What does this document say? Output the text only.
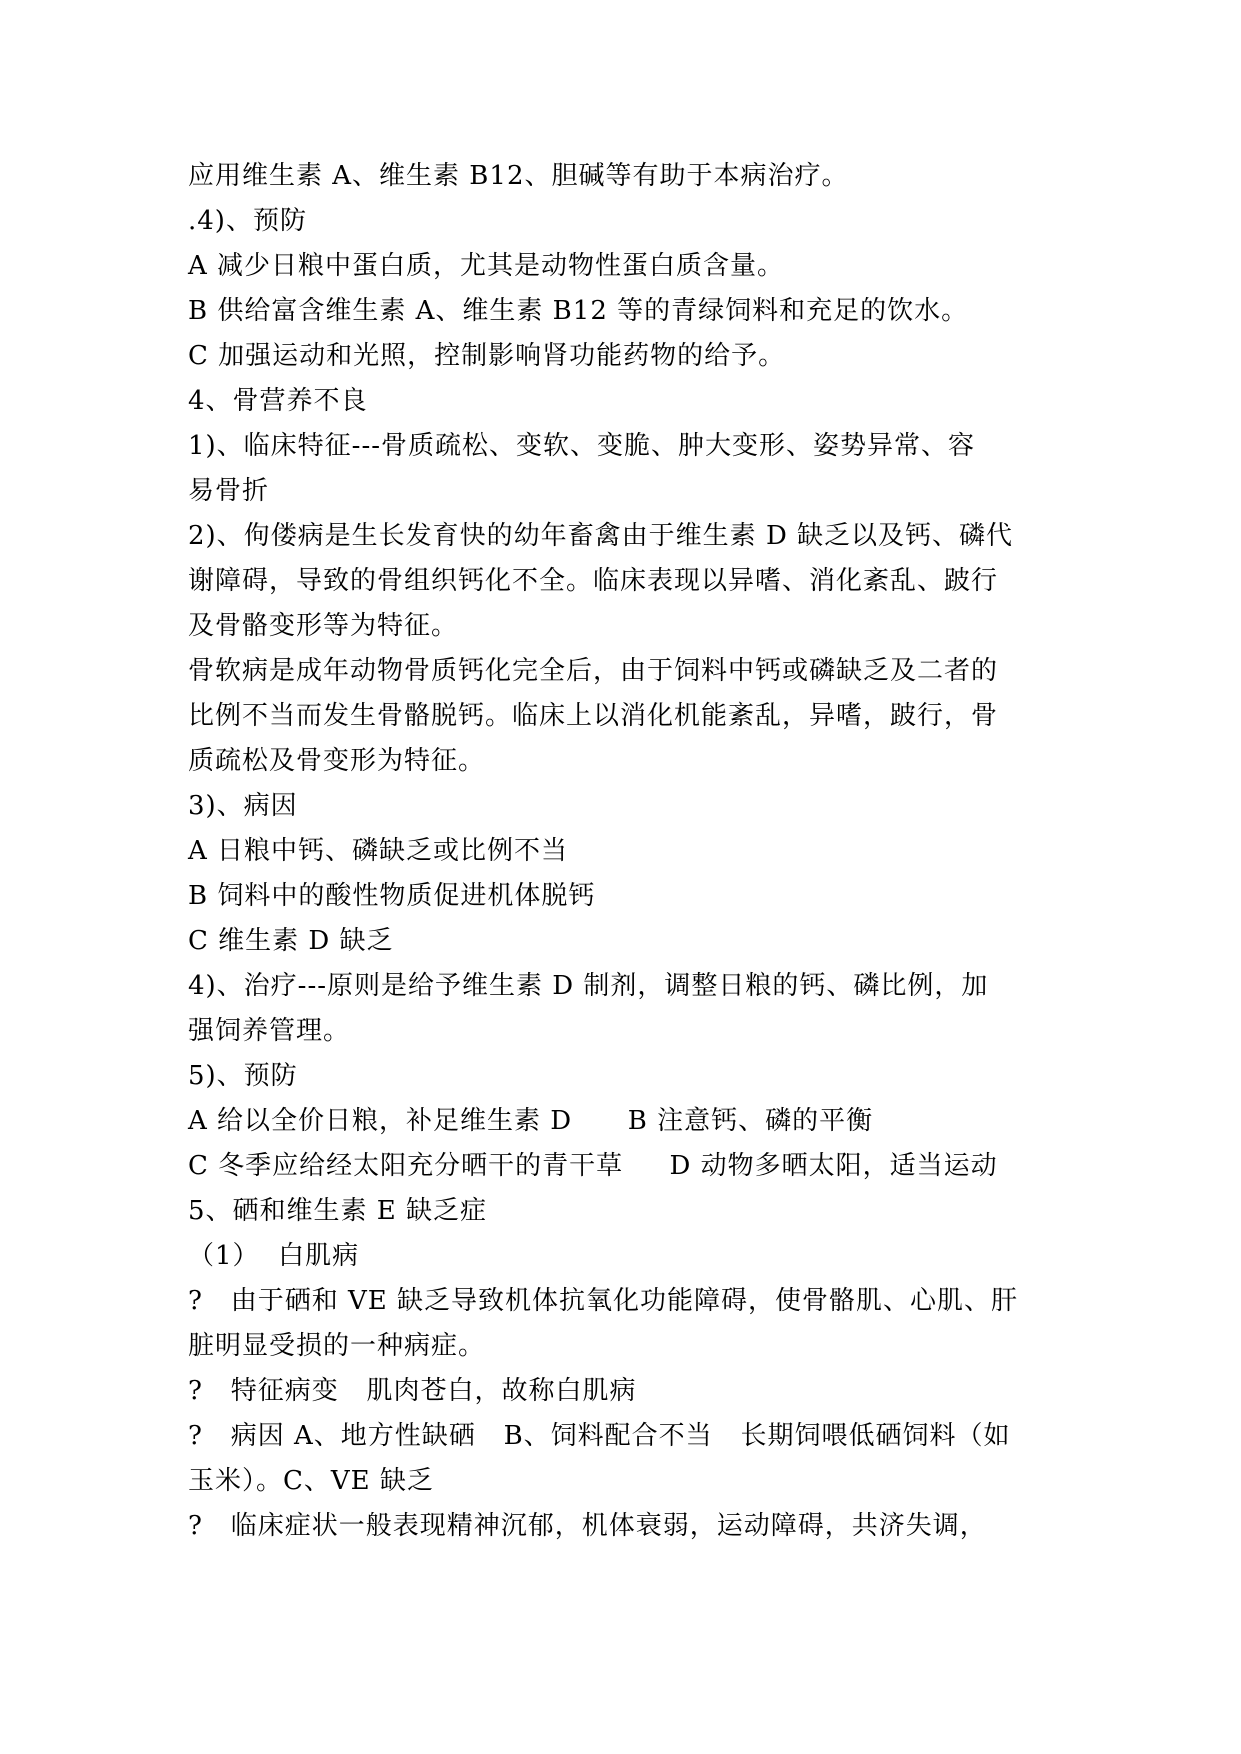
应用维生素 A、维生素 B12、胆碱等有助于本病治疗。
.4)、预防
A 减少日粮中蛋白质，尤其是动物性蛋白质含量。
B 供给富含维生素 A、维生素 B12 等的青绿饲料和充足的饮水。
C 加强运动和光照，控制影响肾功能药物的给予。
4、骨营养不良
1)、临床特征---骨质疏松、变软、变脆、肿大变形、姿势异常、容
易骨折
2)、佝偻病是生长发育快的幼年畜禽由于维生素 D 缺乏以及钙、磷代
谢障碍，导致的骨组织钙化不全。临床表现以异嗜、消化紊乱、跛行
及骨骼变形等为特征。
骨软病是成年动物骨质钙化完全后，由于饲料中钙或磷缺乏及二者的
比例不当而发生骨骼脱钙。临床上以消化机能紊乱，异嗜，跛行，骨
质疏松及骨变形为特征。
3)、病因
A 日粮中钙、磷缺乏或比例不当
B 饲料中的酸性物质促进机体脱钙
C 维生素 D 缺乏
4)、治疗---原则是给予维生素 D 制剂，调整日粮的钙、磷比例，加
强饲养管理。
5)、预防
A 给以全价日粮，补足维生素 D      B 注意钙、磷的平衡
C 冬季应给经太阳充分晒干的青干草     D 动物多晒太阳，适当运动
5、硒和维生素 E 缺乏症
（1）  白肌病
?   由于硒和 VE 缺乏导致机体抗氧化功能障碍，使骨骼肌、心肌、肝
脏明显受损的一种病症。
?   特征病变   肌肉苍白，故称白肌病
?   病因 A、地方性缺硒   B、饲料配合不当   长期饲喂低硒饲料（如
玉米）。C、VE 缺乏
?   临床症状一般表现精神沉郁，机体衰弱，运动障碍，共济失调，
